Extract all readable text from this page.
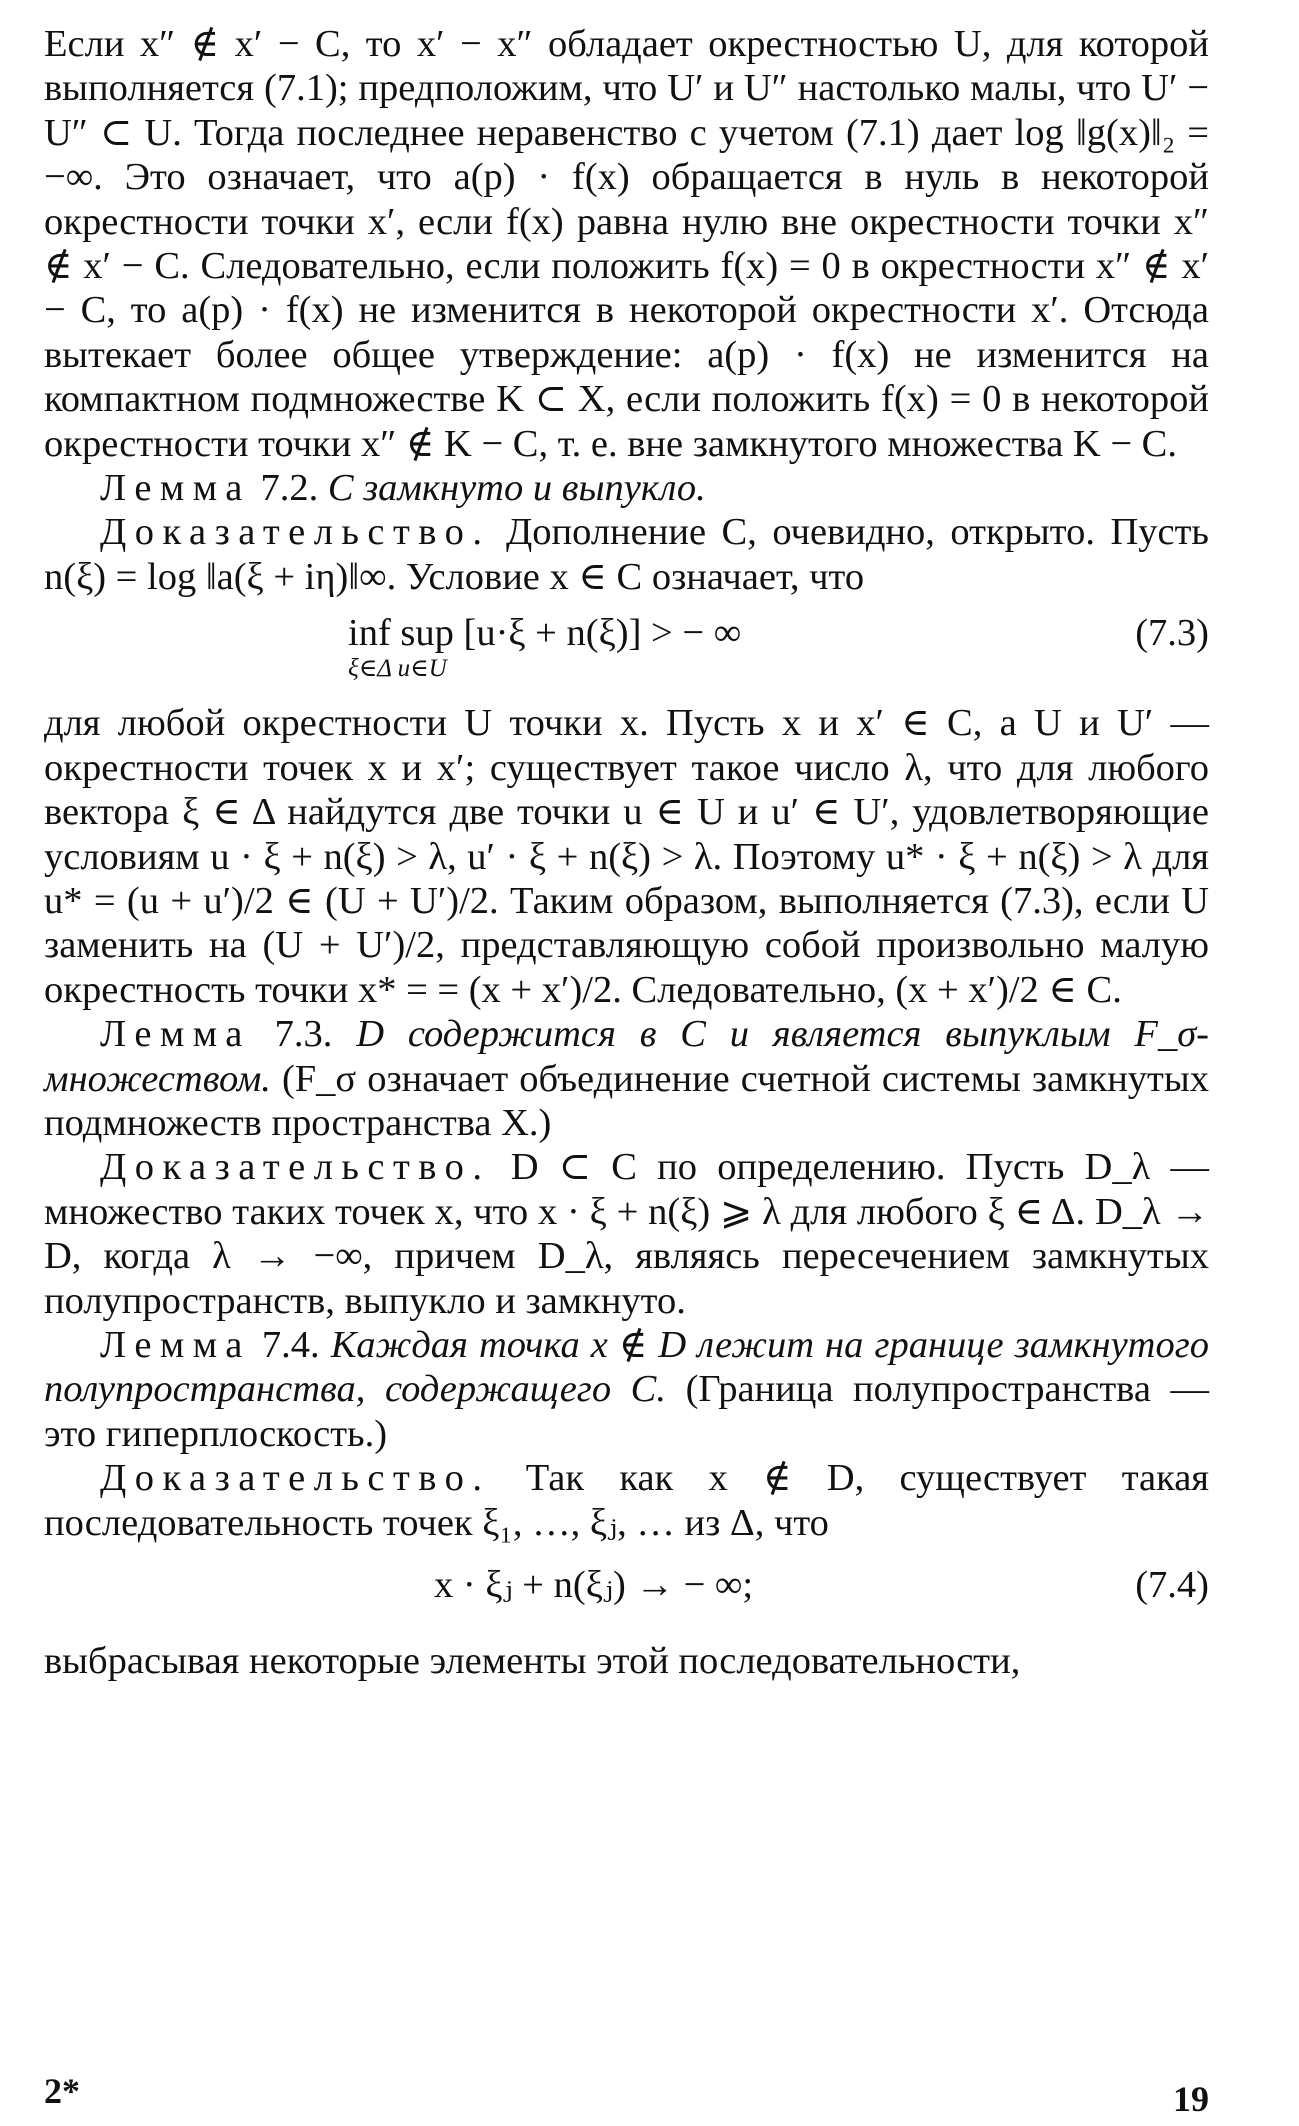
Если x″ ∉ x′ − C, то x′ − x″ обладает окрестностью U, для которой выполняется (7.1); предположим, что U′ и U″ настолько малы, что U′ − U″ ⊂ U. Тогда последнее неравенство с учетом (7.1) дает log ‖g(x)‖₂ = −∞. Это означает, что a(p) · f(x) обращается в нуль в некоторой окрестности точки x′, если f(x) равна нулю вне окрестности точки x″ ∉ x′ − C. Следовательно, если положить f(x) = 0 в окрестности x″ ∉ x′ − C, то a(p) · f(x) не изменится в некоторой окрестности x′. Отсюда вытекает более общее утверждение: a(p) · f(x) не изменится на компактном подмножестве K ⊂ X, если положить f(x) = 0 в некоторой окрестности точки x″ ∉ K − C, т. е. вне замкнутого множества K − C.

Лемма 7.2. C замкнуто и выпукло.

Доказательство. Дополнение C, очевидно, открыто. Пусть n(ξ) = log ‖a(ξ + iη)‖∞. Условие x ∈ C означает, что

inf sup [u·ξ + n(ξ)] > − ∞
ξ∈Δ u∈U
(7.3)

для любой окрестности U точки x. Пусть x и x′ ∈ C, а U и U′ — окрестности точек x и x′; существует такое число λ, что для любого вектора ξ ∈ Δ найдутся две точки u ∈ U и u′ ∈ U′, удовлетворяющие условиям u · ξ + n(ξ) > λ, u′ · ξ + n(ξ) > λ. Поэтому u* · ξ + n(ξ) > λ для u* = (u + u′)/2 ∈ (U + U′)/2. Таким образом, выполняется (7.3), если U заменить на (U + U′)/2, представляющую собой произвольно малую окрестность точки x* = = (x + x′)/2. Следовательно, (x + x′)/2 ∈ C.

Лемма 7.3. D содержится в C и является выпуклым F_σ-множеством. (F_σ означает объединение счетной системы замкнутых подмножеств пространства X.)

Доказательство. D ⊂ C по определению. Пусть D_λ — множество таких точек x, что x · ξ + n(ξ) ⩾ λ для любого ξ ∈ Δ. D_λ → D, когда λ → −∞, причем D_λ, являясь пересечением замкнутых полупространств, выпукло и замкнуто.

Лемма 7.4. Каждая точка x ∉ D лежит на границе замкнутого полупространства, содержащего C. (Граница полупространства — это гиперплоскость.)

Доказательство. Так как x ∉ D, существует такая последовательность точек ξ₁, …, ξⱼ, … из Δ, что

x · ξⱼ + n(ξⱼ) → − ∞;	(7.4)

выбрасывая некоторые элементы этой последовательности,

2*	19
